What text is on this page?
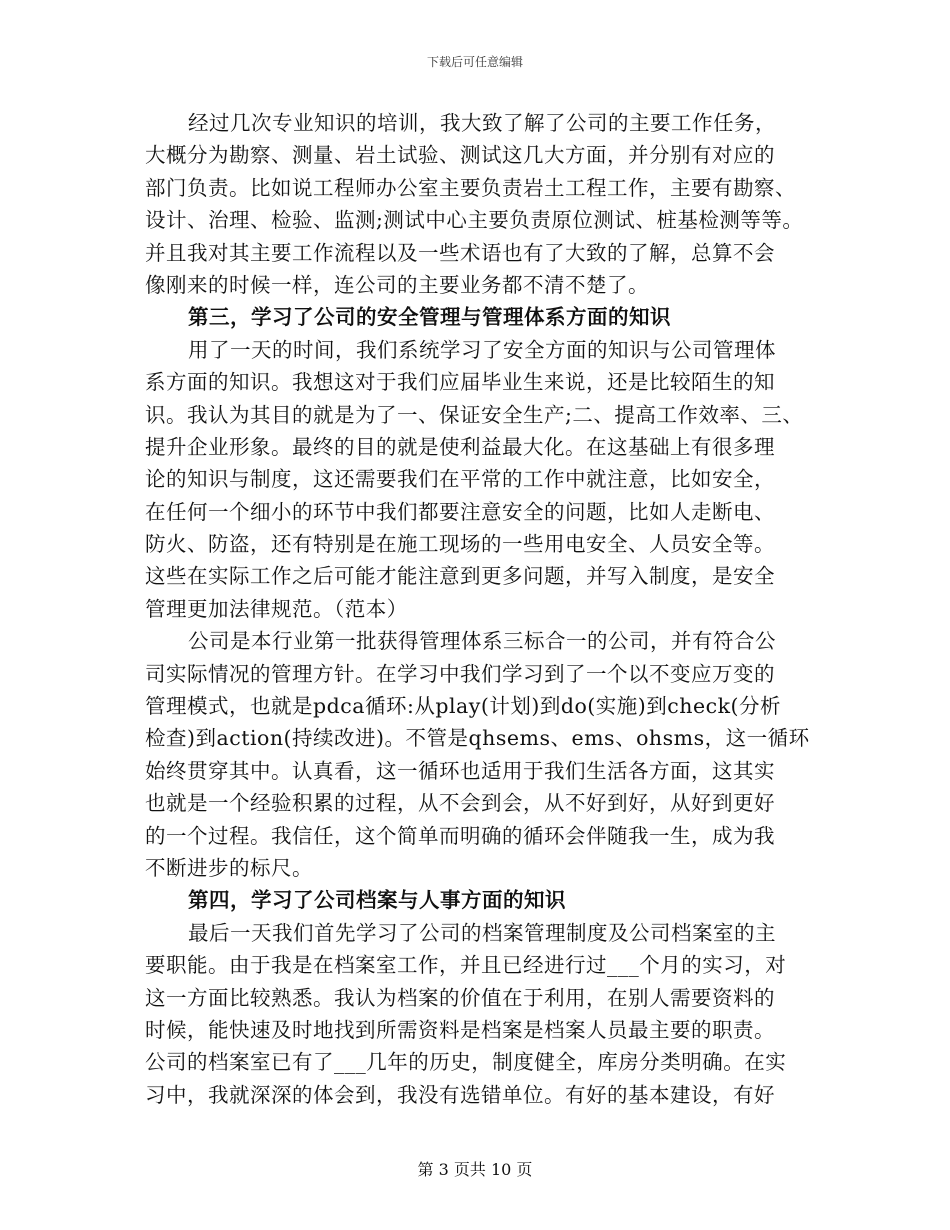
下载后可任意编辑
经过几次专业知识的培训，我大致了解了公司的主要工作任务，
大概分为勘察、测量、岩土试验、测试这几大方面，并分别有对应的
部门负责。比如说工程师办公室主要负责岩土工程工作，主要有勘察、
设计、治理、检验、监测;测试中心主要负责原位测试、桩基检测等等。
并且我对其主要工作流程以及一些术语也有了大致的了解，总算不会
像刚来的时候一样，连公司的主要业务都不清不楚了。
第三，学习了公司的安全管理与管理体系方面的知识
用了一天的时间，我们系统学习了安全方面的知识与公司管理体
系方面的知识。我想这对于我们应届毕业生来说，还是比较陌生的知
识。我认为其目的就是为了一、保证安全生产;二、提高工作效率、三、
提升企业形象。最终的目的就是使利益最大化。在这基础上有很多理
论的知识与制度，这还需要我们在平常的工作中就注意，比如安全，
在任何一个细小的环节中我们都要注意安全的问题，比如人走断电、
防火、防盗，还有特别是在施工现场的一些用电安全、人员安全等。
这些在实际工作之后可能才能注意到更多问题，并写入制度，是安全
管理更加法律规范。（范本）
公司是本行业第一批获得管理体系三标合一的公司，并有符合公
司实际情况的管理方针。在学习中我们学习到了一个以不变应万变的
管理模式，也就是pdca循环:从play(计划)到do(实施)到check(分析
检查)到action(持续改进)。不管是qhsems、ems、ohsms，这一循环
始终贯穿其中。认真看，这一循环也适用于我们生活各方面，这其实
也就是一个经验积累的过程，从不会到会，从不好到好，从好到更好
的一个过程。我信任，这个简单而明确的循环会伴随我一生，成为我
不断进步的标尺。
第四，学习了公司档案与人事方面的知识
最后一天我们首先学习了公司的档案管理制度及公司档案室的主
要职能。由于我是在档案室工作，并且已经进行过___个月的实习，对
这一方面比较熟悉。我认为档案的价值在于利用，在别人需要资料的
时候，能快速及时地找到所需资料是档案是档案人员最主要的职责。
公司的档案室已有了___几年的历史，制度健全，库房分类明确。在实
习中，我就深深的体会到，我没有选错单位。有好的基本建设，有好
第 3 页共 10 页
